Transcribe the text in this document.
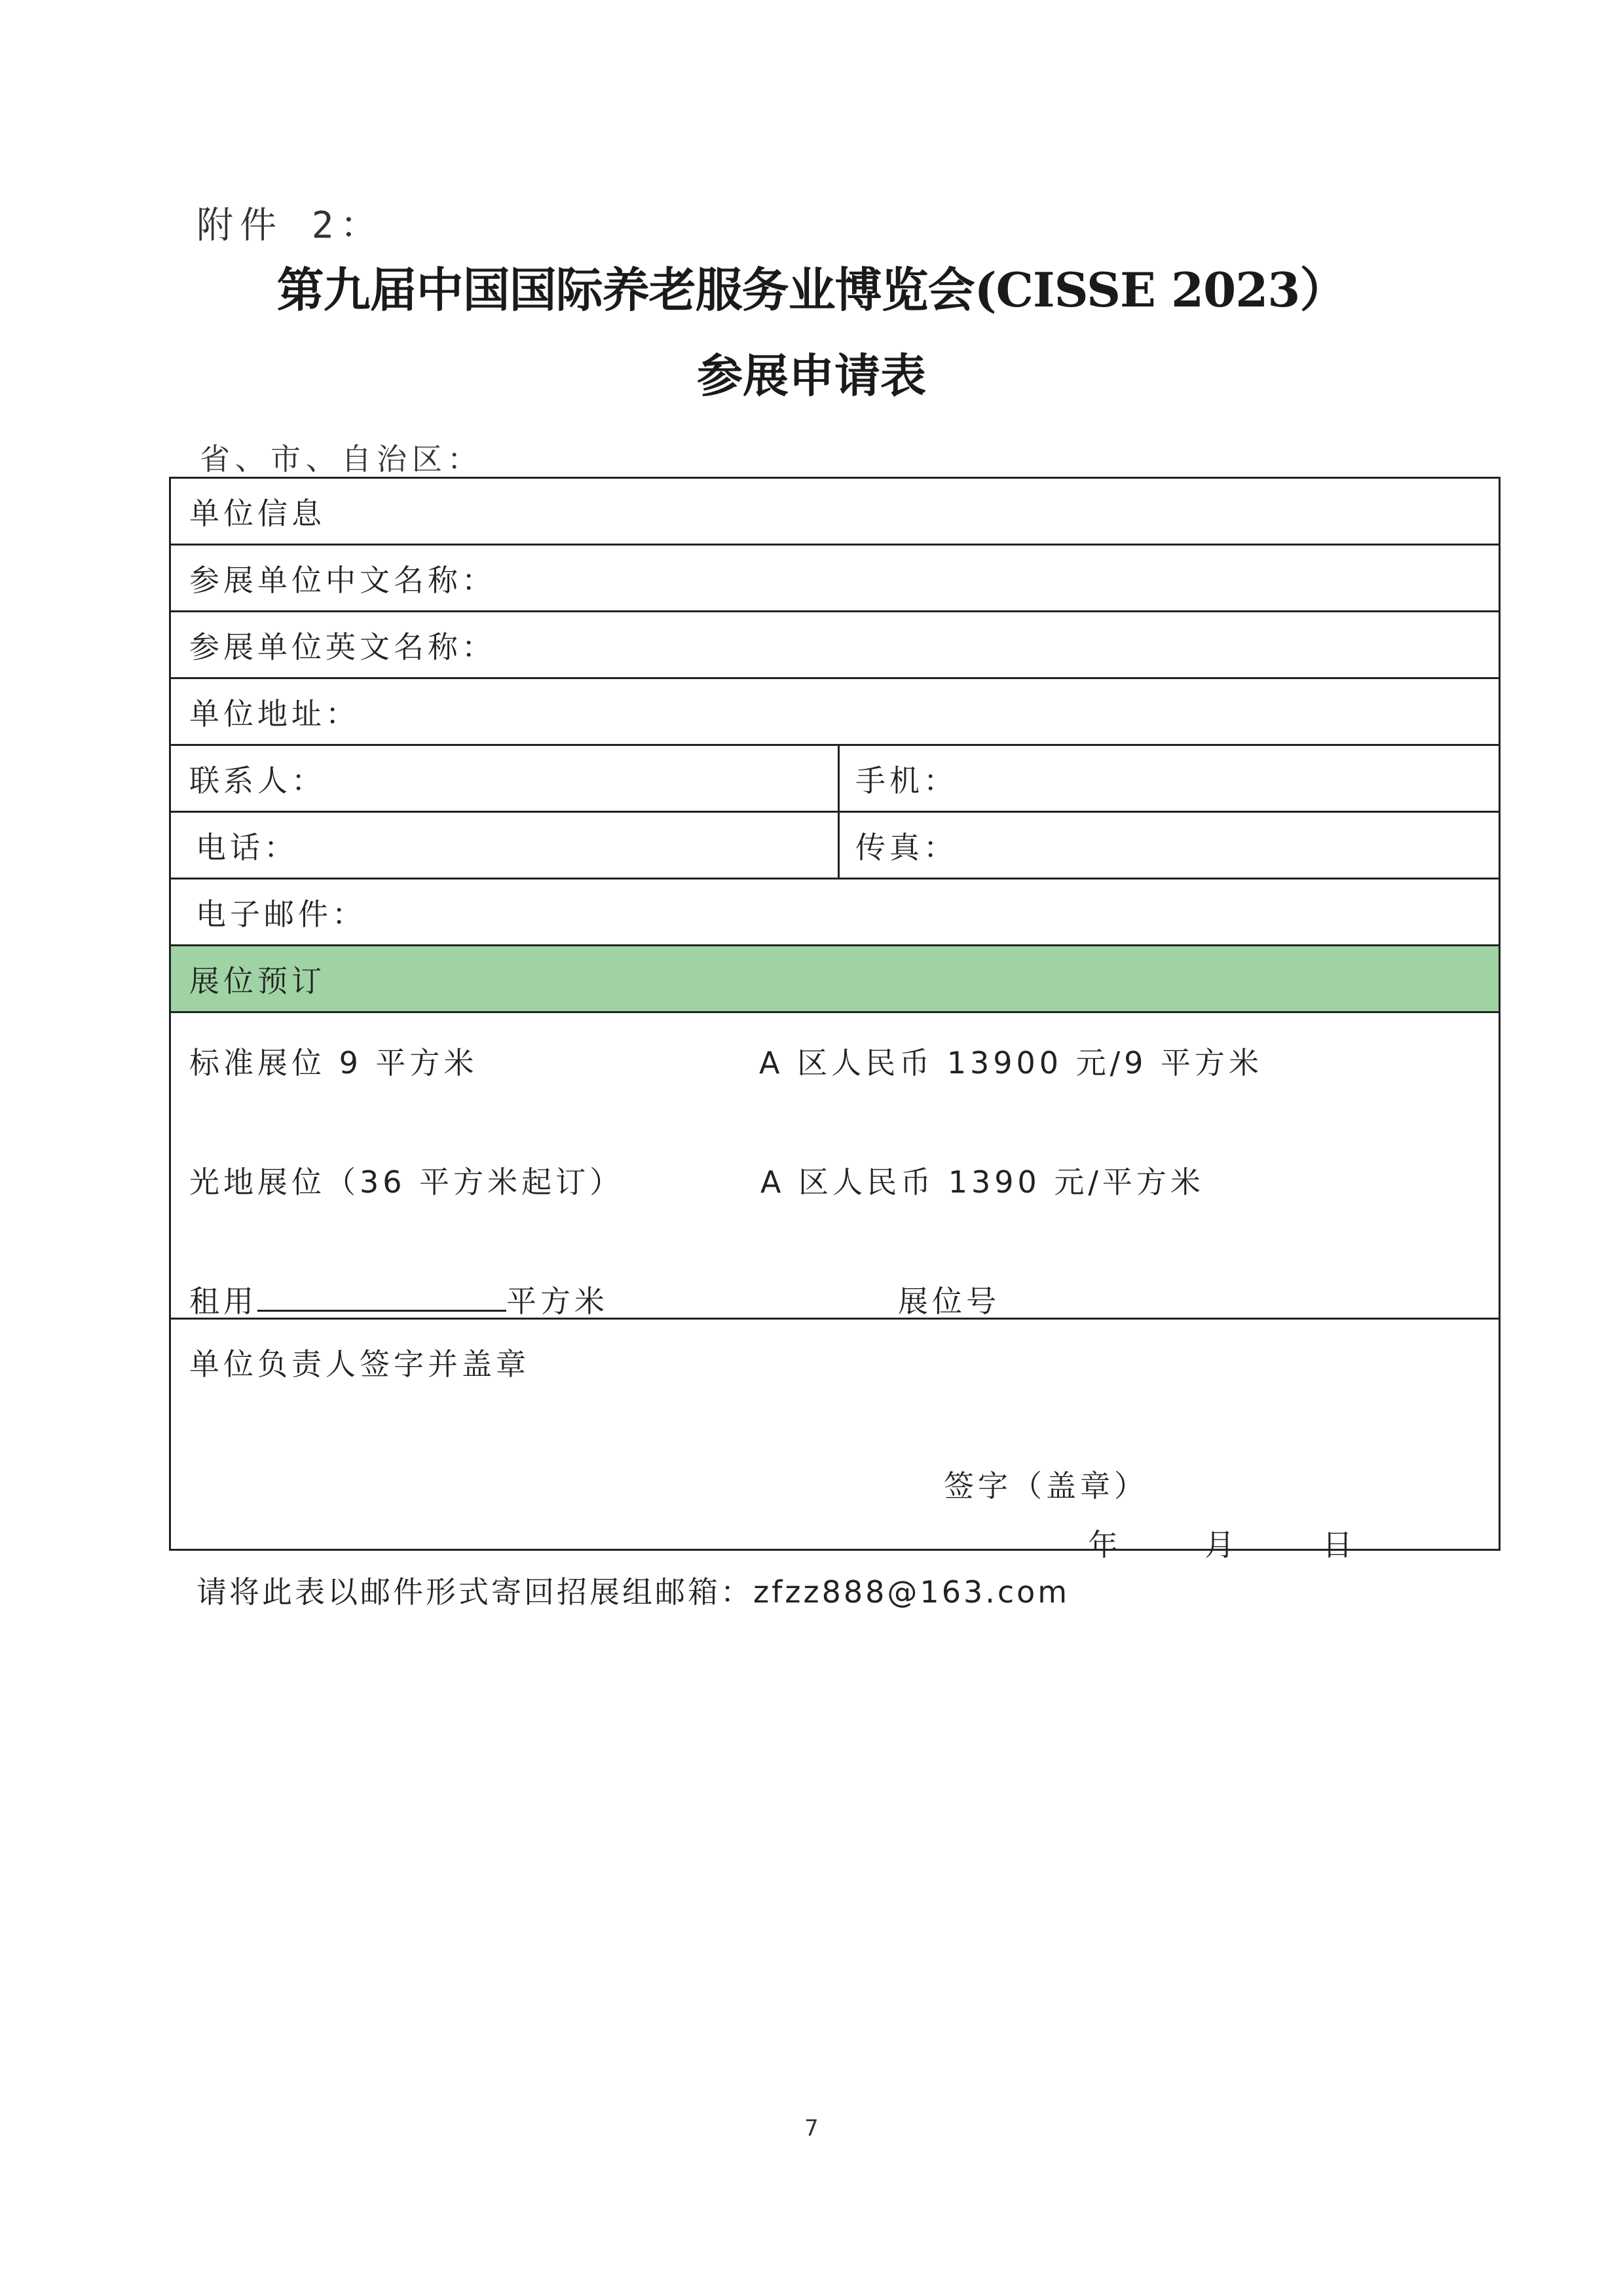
附件 2：
第九届中国国际养老服务业博览会(CISSE 2023）
参展申请表
省、市、自治区：
单位信息
参展单位中文名称：
参展单位英文名称：
单位地址：
联系人：	手机：
电话：	传真：
电子邮件：
展位预订
标准展位 9 平方米	A 区人民币 13900 元/9 平方米
光地展位（36 平方米起订）	A 区人民币 1390 元/平方米
租用	平方米	展位号
单位负责人签字并盖章
签字（盖章）
年	月	日
请将此表以邮件形式寄回招展组邮箱：zfzz888@163.com
7
